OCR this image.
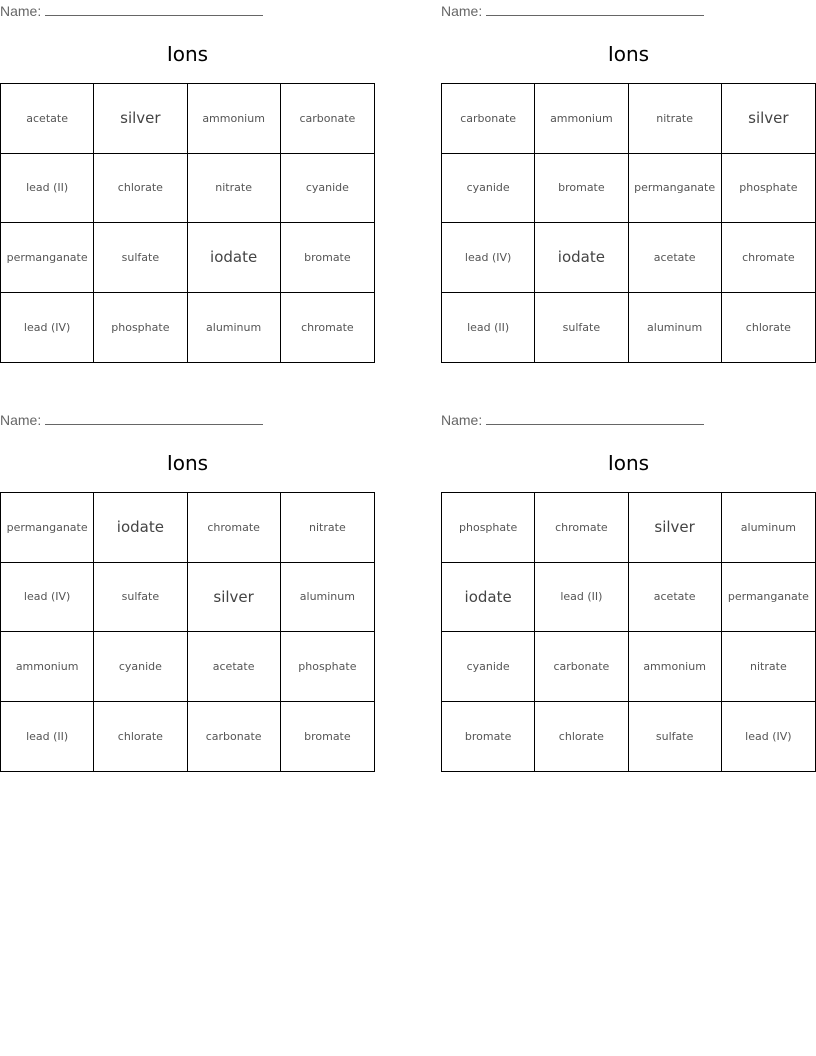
Name:
Ions
acetate	silver	ammonium	carbonate
lead (II)	chlorate	nitrate	cyanide
permanganate	sulfate	iodate	bromate
lead (IV)	phosphate	aluminum	chromate
Name:
Ions
carbonate	ammonium	nitrate	silver
cyanide	bromate	permanganate	phosphate
lead (IV)	iodate	acetate	chromate
lead (II)	sulfate	aluminum	chlorate
Name:
Ions
permanganate	iodate	chromate	nitrate
lead (IV)	sulfate	silver	aluminum
ammonium	cyanide	acetate	phosphate
lead (II)	chlorate	carbonate	bromate
Name:
Ions
phosphate	chromate	silver	aluminum
iodate	lead (II)	acetate	permanganate
cyanide	carbonate	ammonium	nitrate
bromate	chlorate	sulfate	lead (IV)
